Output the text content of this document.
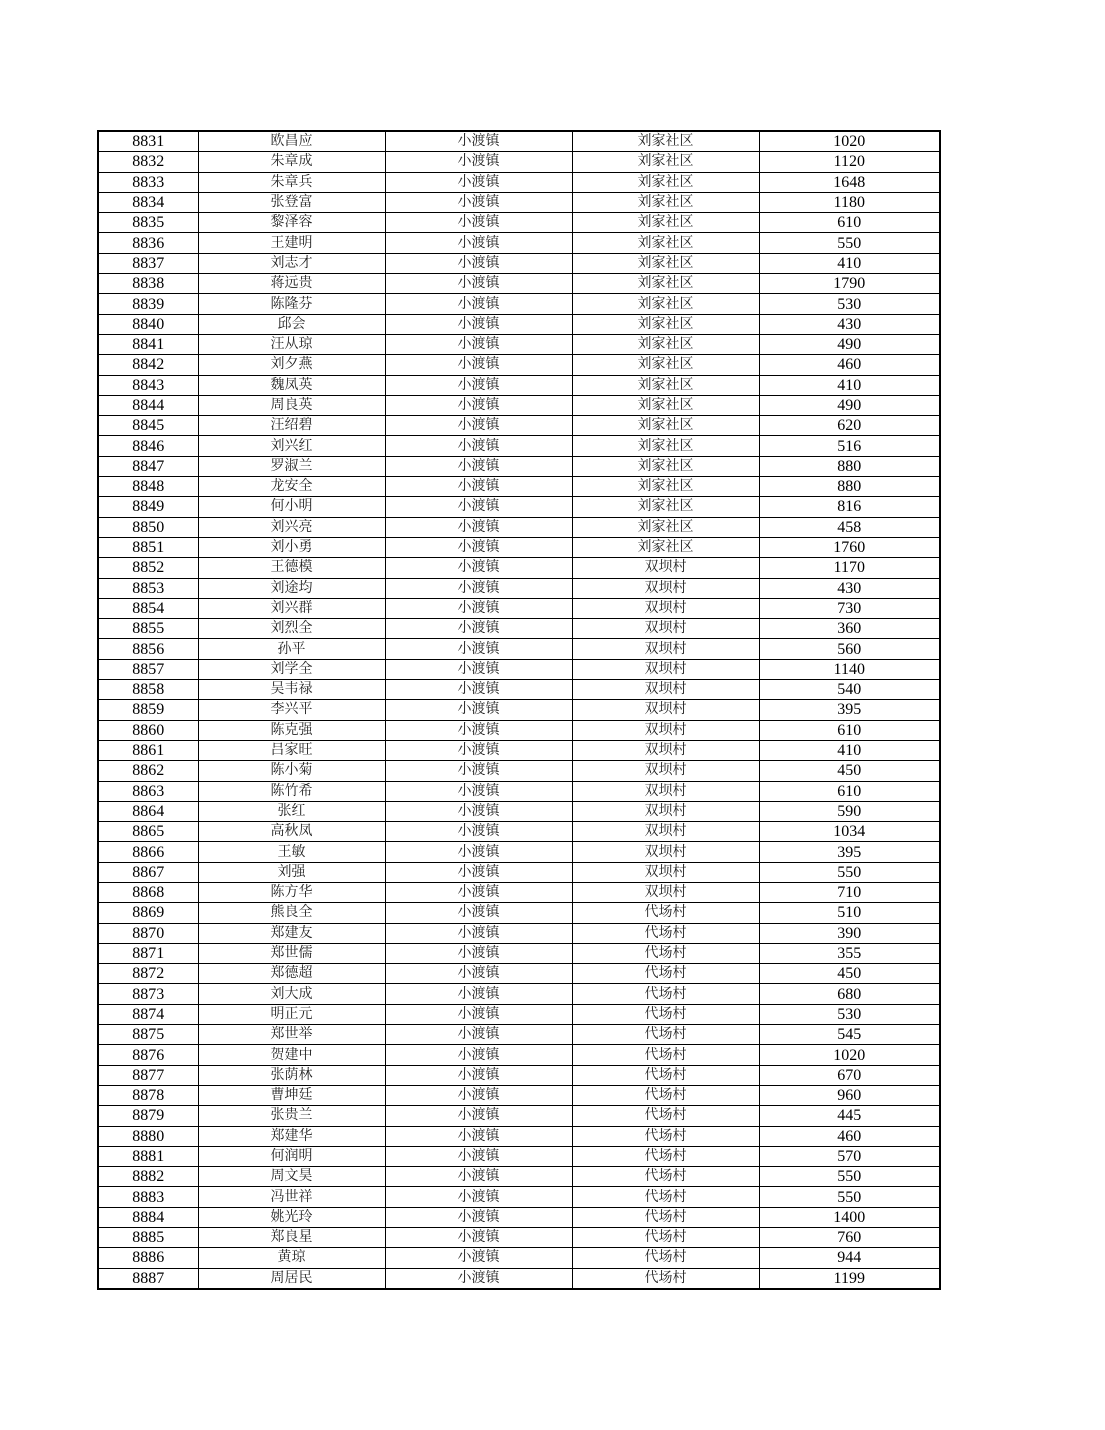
8831	欧昌应	小渡镇	刘家社区	1020
8832	朱章成	小渡镇	刘家社区	1120
8833	朱章兵	小渡镇	刘家社区	1648
8834	张登富	小渡镇	刘家社区	1180
8835	黎泽容	小渡镇	刘家社区	610
8836	王建明	小渡镇	刘家社区	550
8837	刘志才	小渡镇	刘家社区	410
8838	蒋远贵	小渡镇	刘家社区	1790
8839	陈隆芬	小渡镇	刘家社区	530
8840	邱会	小渡镇	刘家社区	430
8841	汪从琼	小渡镇	刘家社区	490
8842	刘夕燕	小渡镇	刘家社区	460
8843	魏凤英	小渡镇	刘家社区	410
8844	周良英	小渡镇	刘家社区	490
8845	汪绍碧	小渡镇	刘家社区	620
8846	刘兴红	小渡镇	刘家社区	516
8847	罗淑兰	小渡镇	刘家社区	880
8848	龙安全	小渡镇	刘家社区	880
8849	何小明	小渡镇	刘家社区	816
8850	刘兴亮	小渡镇	刘家社区	458
8851	刘小勇	小渡镇	刘家社区	1760
8852	王德模	小渡镇	双坝村	1170
8853	刘途均	小渡镇	双坝村	430
8854	刘兴群	小渡镇	双坝村	730
8855	刘烈全	小渡镇	双坝村	360
8856	孙平	小渡镇	双坝村	560
8857	刘学全	小渡镇	双坝村	1140
8858	吴韦禄	小渡镇	双坝村	540
8859	李兴平	小渡镇	双坝村	395
8860	陈克强	小渡镇	双坝村	610
8861	吕家旺	小渡镇	双坝村	410
8862	陈小菊	小渡镇	双坝村	450
8863	陈竹希	小渡镇	双坝村	610
8864	张红	小渡镇	双坝村	590
8865	高秋凤	小渡镇	双坝村	1034
8866	王敏	小渡镇	双坝村	395
8867	刘强	小渡镇	双坝村	550
8868	陈方华	小渡镇	双坝村	710
8869	熊良全	小渡镇	代场村	510
8870	郑建友	小渡镇	代场村	390
8871	郑世儒	小渡镇	代场村	355
8872	郑德超	小渡镇	代场村	450
8873	刘大成	小渡镇	代场村	680
8874	明正元	小渡镇	代场村	530
8875	郑世举	小渡镇	代场村	545
8876	贺建中	小渡镇	代场村	1020
8877	张荫林	小渡镇	代场村	670
8878	曹坤廷	小渡镇	代场村	960
8879	张贵兰	小渡镇	代场村	445
8880	郑建华	小渡镇	代场村	460
8881	何润明	小渡镇	代场村	570
8882	周文昊	小渡镇	代场村	550
8883	冯世祥	小渡镇	代场村	550
8884	姚光玲	小渡镇	代场村	1400
8885	郑良星	小渡镇	代场村	760
8886	黄琼	小渡镇	代场村	944
8887	周居民	小渡镇	代场村	1199
